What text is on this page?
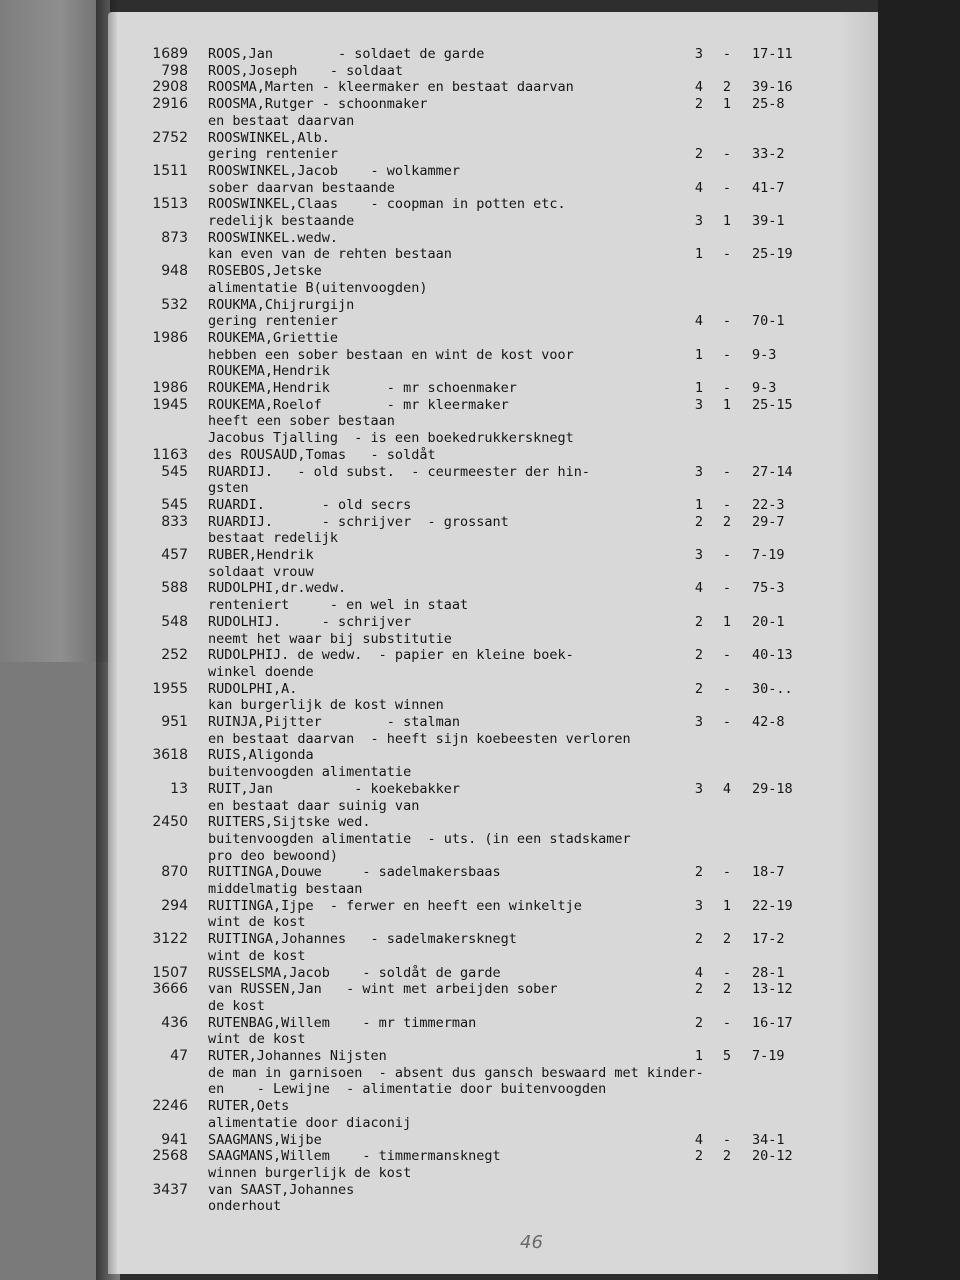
1689 ROOS,Jan        - soldaet de garde	3 - 17-11
798 ROOS,Joseph    - soldaat
2908 ROOSMA,Marten - kleermaker en bestaat daarvan	4 2 39-16
2916 ROOSMA,Rutger - schoonmaker	2 1 25-8
en bestaat daarvan
2752 ROOSWINKEL,Alb.
gering rentenier	2 - 33-2
1511 ROOSWINKEL,Jacob    - wolkammer
sober daarvan bestaande	4 - 41-7
1513 ROOSWINKEL,Claas    - coopman in potten etc.
redelijk bestaande	3 1 39-1
873 ROOSWINKEL.wedw.
kan even van de rehten bestaan	1 - 25-19
948 ROSEBOS,Jetske
alimentatie B(uitenvoogden)
532 ROUKMA,Chijrurgijn
gering rentenier	4 - 70-1
1986 ROUKEMA,Griettie
hebben een sober bestaan en wint de kost voor	1 - 9-3
ROUKEMA,Hendrik
1986 ROUKEMA,Hendrik       - mr schoenmaker	1 - 9-3
1945 ROUKEMA,Roelof        - mr kleermaker	3 1 25-15
heeft een sober bestaan
Jacobus Tjalling  - is een boekedrukkersknegt
1163 des ROUSAUD,Tomas   - soldåt
545 RUARDIJ.   - old subst.  - ceurmeester der hin-	3 - 27-14
gsten
545 RUARDI.       - old secrs	1 - 22-3
833 RUARDIJ.      - schrijver  - grossant	2 2 29-7
bestaat redelijk
457 RUBER,Hendrik	3 - 7-19
soldaat vrouw
588 RUDOLPHI,dr.wedw.	4 - 75-3
renteniert     - en wel in staat
548 RUDOLHIJ.     - schrijver	2 1 20-1
neemt het waar bij substitutie
252 RUDOLPHIJ. de wedw.  - papier en kleine boek-	2 - 40-13
winkel doende
1955 RUDOLPHI,A.	2 - 30-..
kan burgerlijk de kost winnen
951 RUINJA,Pijtter        - stalman	3 - 42-8
en bestaat daarvan  - heeft sijn koebeesten verloren
3618 RUIS,Aligonda
buitenvoogden alimentatie
13 RUIT,Jan          - koekebakker	3 4 29-18
en bestaat daar suinig van
2450 RUITERS,Sijtske wed.
buitenvoogden alimentatie  - uts. (in een stadskamer
pro deo bewoond)
870 RUITINGA,Douwe     - sadelmakersbaas	2 - 18-7
middelmatig bestaan
294 RUITINGA,Ijpe  - ferwer en heeft een winkeltje	3 1 22-19
wint de kost
3122 RUITINGA,Johannes   - sadelmakersknegt	2 2 17-2
wint de kost
1507 RUSSELSMA,Jacob    - soldåt de garde	4 - 28-1
3666 van RUSSEN,Jan   - wint met arbeijden sober	2 2 13-12
de kost
436 RUTENBAG,Willem    - mr timmerman	2 - 16-17
wint de kost
47 RUTER,Johannes Nijsten	1 5 7-19
de man in garnisoen  - absent dus gansch beswaard met kinder-
en    - Lewijne  - alimentatie door buitenvoogden
2246 RUTER,Oets
alimentatie door diaconij
941 SAAGMANS,Wijbe	4 - 34-1
2568 SAAGMANS,Willem    - timmermansknegt	2 2 20-12
winnen burgerlijk de kost
3437 van SAAST,Johannes
onderhout
46
